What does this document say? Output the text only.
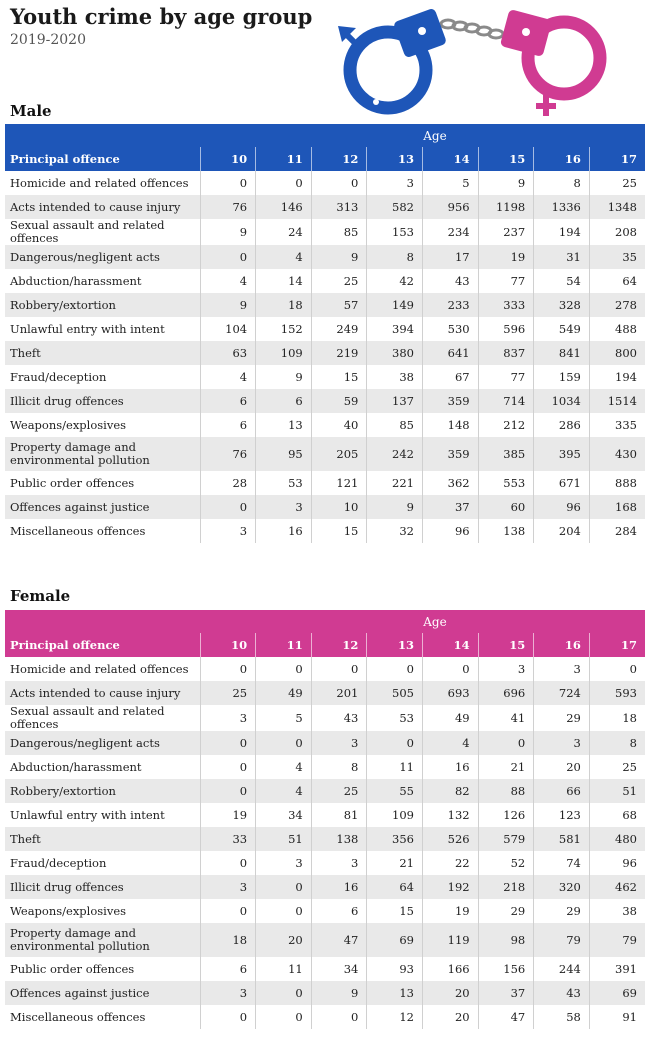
Youth crime by age group
2019-2020
Male
Age								
Principal offence	10	11	12	13	14	15	16	17
Homicide and related offences	0	0	0	3	5	9	8	25
Acts intended to cause injury	76	146	313	582	956	1198	1336	1348
Sexual assault and related offences	9	24	85	153	234	237	194	208
Dangerous/negligent acts	0	4	9	8	17	19	31	35
Abduction/harassment	4	14	25	42	43	77	54	64
Robbery/extortion	9	18	57	149	233	333	328	278
Unlawful entry with intent	104	152	249	394	530	596	549	488
Theft	63	109	219	380	641	837	841	800
Fraud/deception	4	9	15	38	67	77	159	194
Illicit drug offences	6	6	59	137	359	714	1034	1514
Weapons/explosives	6	13	40	85	148	212	286	335
Property damage and environmental pollution	76	95	205	242	359	385	395	430
Public order offences	28	53	121	221	362	553	671	888
Offences against justice	0	3	10	9	37	60	96	168
Miscellaneous offences	3	16	15	32	96	138	204	284
Female
Age								
Principal offence	10	11	12	13	14	15	16	17
Homicide and related offences	0	0	0	0	0	3	3	0
Acts intended to cause injury	25	49	201	505	693	696	724	593
Sexual assault and related offences	3	5	43	53	49	41	29	18
Dangerous/negligent acts	0	0	3	0	4	0	3	8
Abduction/harassment	0	4	8	11	16	21	20	25
Robbery/extortion	0	4	25	55	82	88	66	51
Unlawful entry with intent	19	34	81	109	132	126	123	68
Theft	33	51	138	356	526	579	581	480
Fraud/deception	0	3	3	21	22	52	74	96
Illicit drug offences	3	0	16	64	192	218	320	462
Weapons/explosives	0	0	6	15	19	29	29	38
Property damage and environmental pollution	18	20	47	69	119	98	79	79
Public order offences	6	11	34	93	166	156	244	391
Offences against justice	3	0	9	13	20	37	43	69
Miscellaneous offences	0	0	0	12	20	47	58	91
